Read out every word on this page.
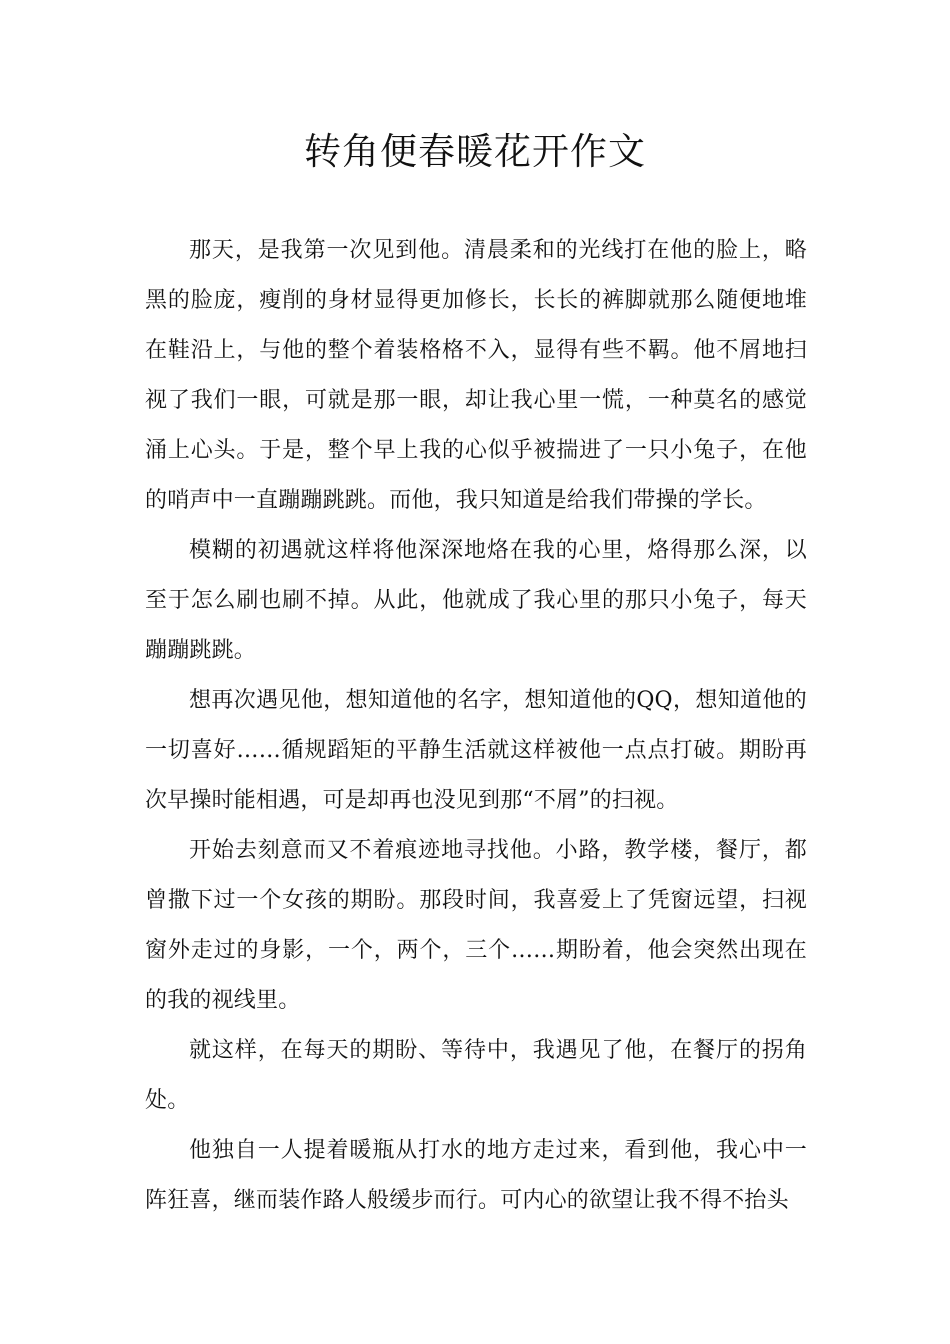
转角便春暖花开作文

那天，是我第一次见到他。清晨柔和的光线打在他的脸上，略黑的脸庞，瘦削的身材显得更加修长，长长的裤脚就那么随便地堆在鞋沿上，与他的整个着装格格不入，显得有些不羁。他不屑地扫视了我们一眼，可就是那一眼，却让我心里一慌，一种莫名的感觉涌上心头。于是，整个早上我的心似乎被揣进了一只小兔子，在他的哨声中一直蹦蹦跳跳。而他，我只知道是给我们带操的学长。

模糊的初遇就这样将他深深地烙在我的心里，烙得那么深，以至于怎么刷也刷不掉。从此，他就成了我心里的那只小兔子，每天蹦蹦跳跳。

想再次遇见他，想知道他的名字，想知道他的QQ，想知道他的一切喜好……循规蹈矩的平静生活就这样被他一点点打破。期盼再次早操时能相遇，可是却再也没见到那“不屑”的扫视。

开始去刻意而又不着痕迹地寻找他。小路，教学楼，餐厅，都曾撒下过一个女孩的期盼。那段时间，我喜爱上了凭窗远望，扫视窗外走过的身影，一个，两个，三个……期盼着，他会突然出现在的我的视线里。

就这样，在每天的期盼、等待中，我遇见了他，在餐厅的拐角处。

他独自一人提着暖瓶从打水的地方走过来，看到他，我心中一阵狂喜，继而装作路人般缓步而行。可内心的欲望让我不得不抬头
